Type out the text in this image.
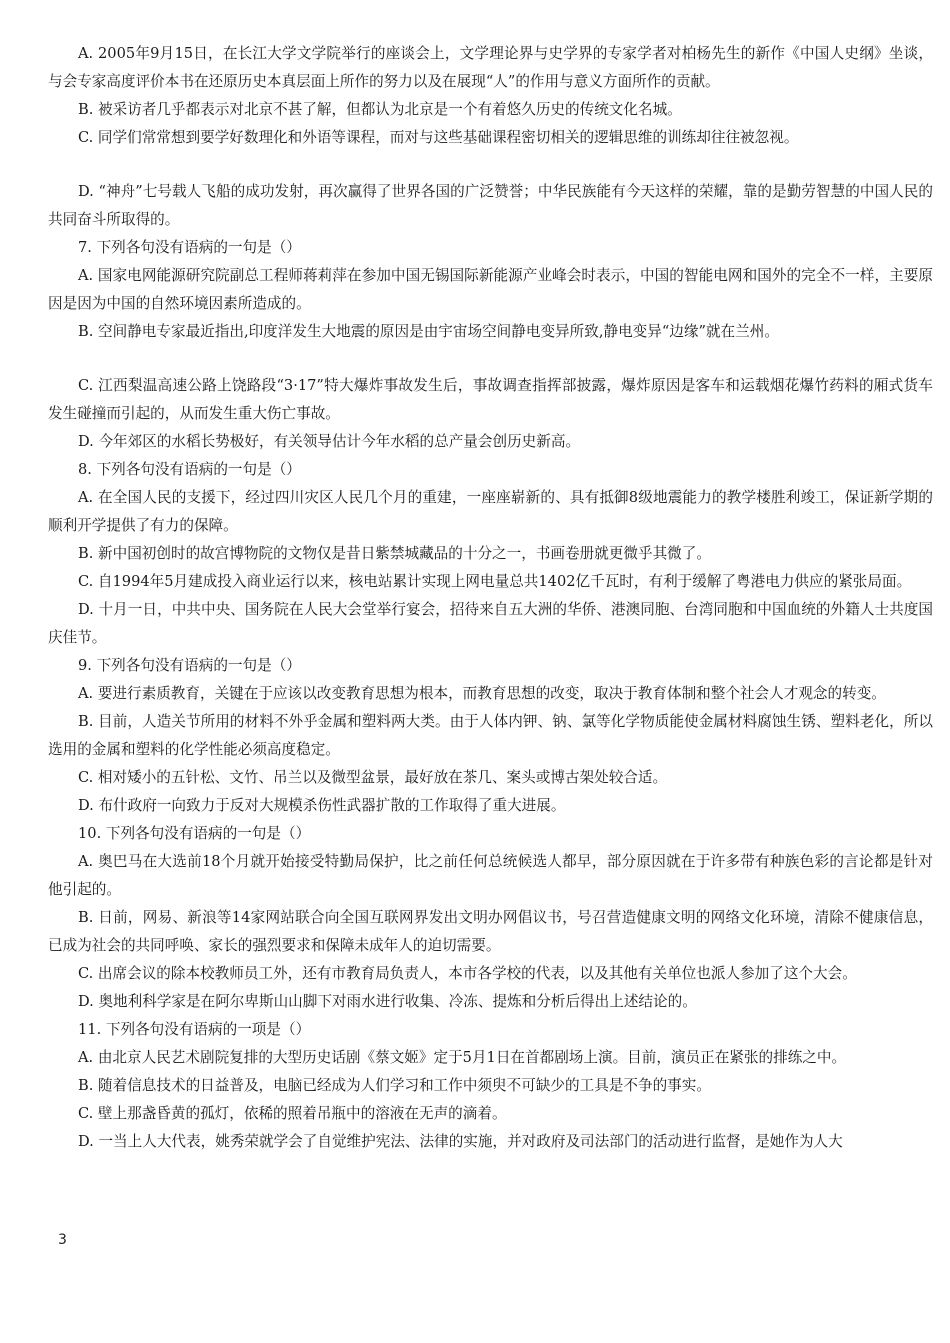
A. 2005年9月15日，在长江大学文学院举行的座谈会上，文学理论界与史学界的专家学者对柏杨先生的新作《中国人史纲》坐谈，与会专家高度评价本书在还原历史本真层面上所作的努力以及在展现“人”的作用与意义方面所作的贡献。

B. 被采访者几乎都表示对北京不甚了解，但都认为北京是一个有着悠久历史的传统文化名城。

C. 同学们常常想到要学好数理化和外语等课程，而对与这些基础课程密切相关的逻辑思维的训练却往往被忽视。

D. “神舟”七号载人飞船的成功发射，再次赢得了世界各国的广泛赞誉；中华民族能有今天这样的荣耀，靠的是勤劳智慧的中国人民的共同奋斗所取得的。

7. 下列各句没有语病的一句是（）

A. 国家电网能源研究院副总工程师蒋莉萍在参加中国无锡国际新能源产业峰会时表示，中国的智能电网和国外的完全不一样，主要原因是因为中国的自然环境因素所造成的。

B. 空间静电专家最近指出,印度洋发生大地震的原因是由宇宙场空间静电变异所致,静电变异“边缘”就在兰州。

C. 江西梨温高速公路上饶路段“3·17”特大爆炸事故发生后，事故调查指挥部披露，爆炸原因是客车和运载烟花爆竹药料的厢式货车发生碰撞而引起的，从而发生重大伤亡事故。

D. 今年郊区的水稻长势极好，有关领导估计今年水稻的总产量会创历史新高。

8. 下列各句没有语病的一句是（）

A. 在全国人民的支援下，经过四川灾区人民几个月的重建，一座座崭新的、具有抵御8级地震能力的教学楼胜利竣工，保证新学期的顺利开学提供了有力的保障。

B. 新中国初创时的故宫博物院的文物仅是昔日紫禁城藏品的十分之一，书画卷册就更微乎其微了。

C. 自1994年5月建成投入商业运行以来，核电站累计实现上网电量总共1402亿千瓦时，有利于缓解了粤港电力供应的紧张局面。

D. 十月一日，中共中央、国务院在人民大会堂举行宴会，招待来自五大洲的华侨、港澳同胞、台湾同胞和中国血统的外籍人士共度国庆佳节。

9. 下列各句没有语病的一句是（）

A. 要进行素质教育，关键在于应该以改变教育思想为根本，而教育思想的改变，取决于教育体制和整个社会人才观念的转变。

B. 目前，人造关节所用的材料不外乎金属和塑料两大类。由于人体内钾、钠、氯等化学物质能使金属材料腐蚀生锈、塑料老化，所以选用的金属和塑料的化学性能必须高度稳定。

C. 相对矮小的五针松、文竹、吊兰以及微型盆景，最好放在茶几、案头或博古架处较合适。

D. 布什政府一向致力于反对大规模杀伤性武器扩散的工作取得了重大进展。

10. 下列各句没有语病的一句是（）

A. 奥巴马在大选前18个月就开始接受特勤局保护，比之前任何总统候选人都早，部分原因就在于许多带有种族色彩的言论都是针对他引起的。

B. 日前，网易、新浪等14家网站联合向全国互联网界发出文明办网倡议书，号召营造健康文明的网络文化环境，清除不健康信息，已成为社会的共同呼唤、家长的强烈要求和保障未成年人的迫切需要。

C. 出席会议的除本校教师员工外，还有市教育局负责人，本市各学校的代表，以及其他有关单位也派人参加了这个大会。

D. 奥地利科学家是在阿尔卑斯山山脚下对雨水进行收集、冷冻、提炼和分析后得出上述结论的。

11. 下列各句没有语病的一项是（）

A. 由北京人民艺术剧院复排的大型历史话剧《蔡文姬》定于5月1日在首都剧场上演。目前，演员正在紧张的排练之中。

B. 随着信息技术的日益普及，电脑已经成为人们学习和工作中须臾不可缺少的工具是不争的事实。

C. 壁上那盏昏黄的孤灯，依稀的照着吊瓶中的溶液在无声的滴着。

D. 一当上人大代表，姚秀荣就学会了自觉维护宪法、法律的实施，并对政府及司法部门的活动进行监督，是她作为人大

3
